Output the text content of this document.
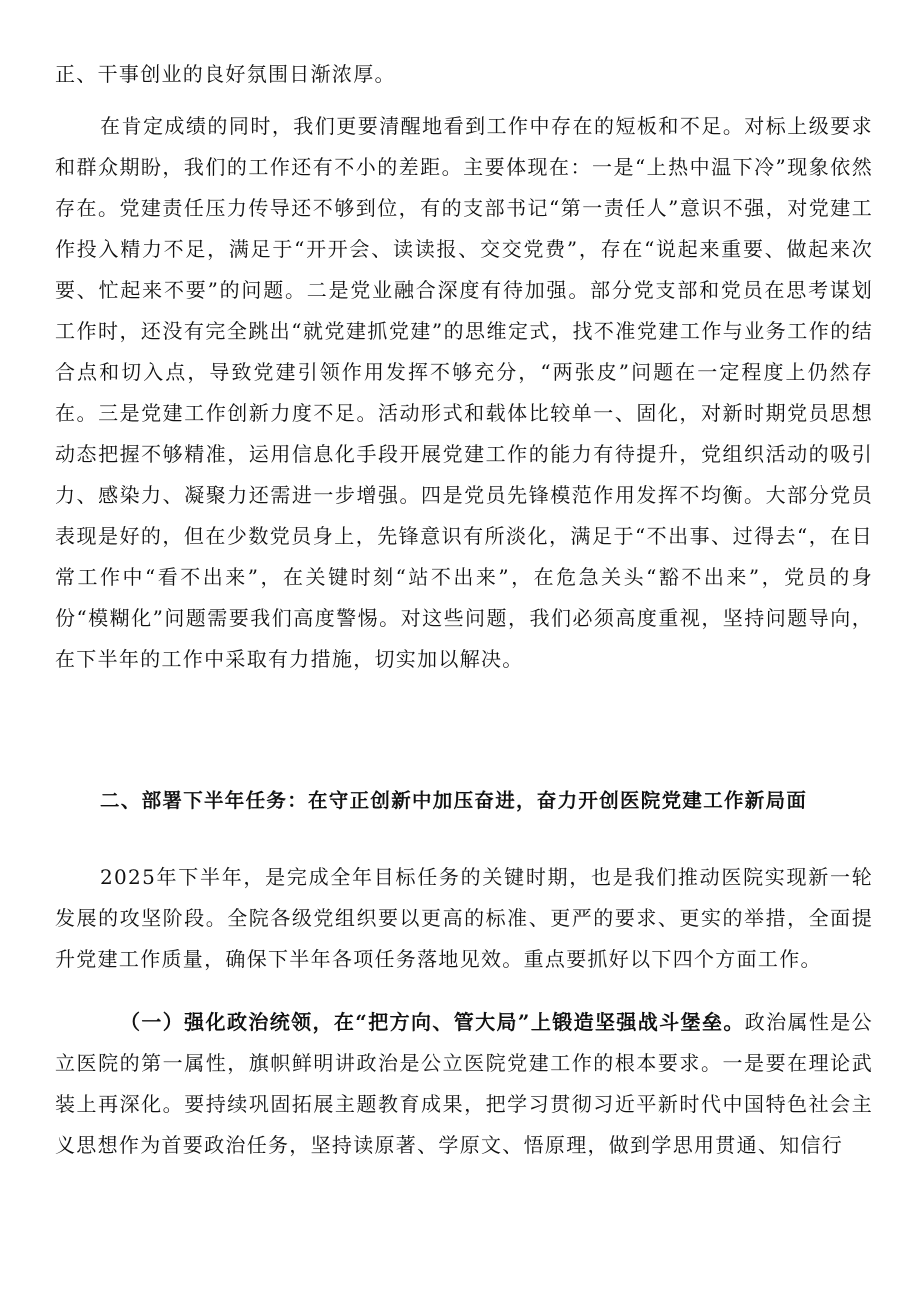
正、干事创业的良好氛围日渐浓厚。

在肯定成绩的同时，我们更要清醒地看到工作中存在的短板和不足。对标上级要求和群众期盼，我们的工作还有不小的差距。主要体现在：一是“上热中温下冷”现象依然存在。党建责任压力传导还不够到位，有的支部书记“第一责任人”意识不强，对党建工作投入精力不足，满足于“开开会、读读报、交交党费”，存在“说起来重要、做起来次要、忙起来不要”的问题。二是党业融合深度有待加强。部分党支部和党员在思考谋划工作时，还没有完全跳出“就党建抓党建”的思维定式，找不准党建工作与业务工作的结合点和切入点，导致党建引领作用发挥不够充分，“两张皮”问题在一定程度上仍然存在。三是党建工作创新力度不足。活动形式和载体比较单一、固化，对新时期党员思想动态把握不够精准，运用信息化手段开展党建工作的能力有待提升，党组织活动的吸引力、感染力、凝聚力还需进一步增强。四是党员先锋模范作用发挥不均衡。大部分党员表现是好的，但在少数党员身上，先锋意识有所淡化，满足于“不出事、过得去“，在日常工作中“看不出来”，在关键时刻“站不出来”，在危急关头“豁不出来”，党员的身份“模糊化”问题需要我们高度警惕。对这些问题，我们必须高度重视，坚持问题导向，在下半年的工作中采取有力措施，切实加以解决。

二、部署下半年任务：在守正创新中加压奋进，奋力开创医院党建工作新局面

2025年下半年，是完成全年目标任务的关键时期，也是我们推动医院实现新一轮发展的攻坚阶段。全院各级党组织要以更高的标准、更严的要求、更实的举措，全面提升党建工作质量，确保下半年各项任务落地见效。重点要抓好以下四个方面工作。

（一）强化政治统领，在“把方向、管大局”上锻造坚强战斗堡垒。政治属性是公立医院的第一属性，旗帜鲜明讲政治是公立医院党建工作的根本要求。一是要在理论武装上再深化。要持续巩固拓展主题教育成果，把学习贯彻习近平新时代中国特色社会主义思想作为首要政治任务，坚持读原著、学原文、悟原理，做到学思用贯通、知信行
